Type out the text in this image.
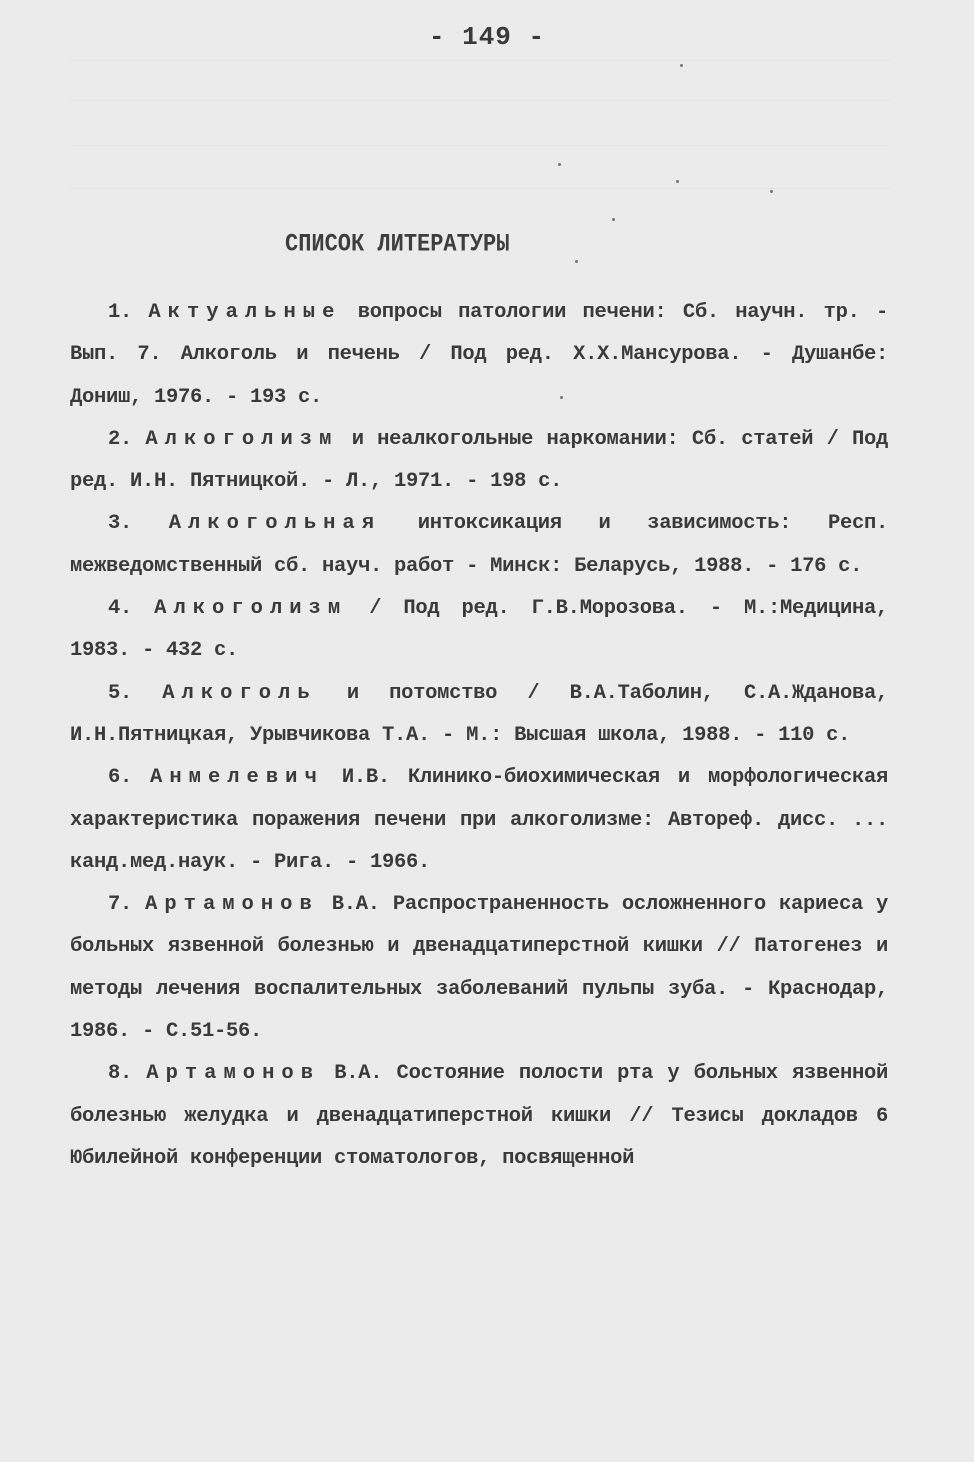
- 149 -
СПИСОК ЛИТЕРАТУРЫ
1. Актуальные вопросы патологии печени: Сб. научн. тр. - Вып. 7. Алкоголь и печень / Под ред. Х.Х.Мансурова. - Душанбе: Дониш, 1976. - 193 с.
2. Алкоголизм и неалкогольные наркомании: Сб. статей / Под ред. И.Н. Пятницкой. - Л., 1971. - 198 с.
3. Алкогольная интоксикация и зависимость: Респ. межведомственный сб. науч. работ - Минск: Беларусь, 1988. - 176 с.
4. Алкоголизм / Под ред. Г.В.Морозова. - М.:Медицина, 1983. - 432 с.
5. Алкоголь и потомство / В.А.Таболин, С.А.Жданова, И.Н.Пятницкая, Урывчикова Т.А. - М.: Высшая школа, 1988. - 110 с.
6. Анмелевич И.В. Клинико-биохимическая и морфологическая характеристика поражения печени при алкоголизме: Автореф. дисс. ... канд.мед.наук. - Рига. - 1966.
7. Артамонов В.А. Распространенность осложненного кариеса у больных язвенной болезнью и двенадцатиперстной кишки // Патогенез и методы лечения воспалительных заболеваний пульпы зуба. - Краснодар, 1986. - С.51-56.
8. Артамонов В.А. Состояние полости рта у больных язвенной болезнью желудка и двенадцатиперстной кишки // Тезисы докладов 6 Юбилейной конференции стоматологов, посвященной
